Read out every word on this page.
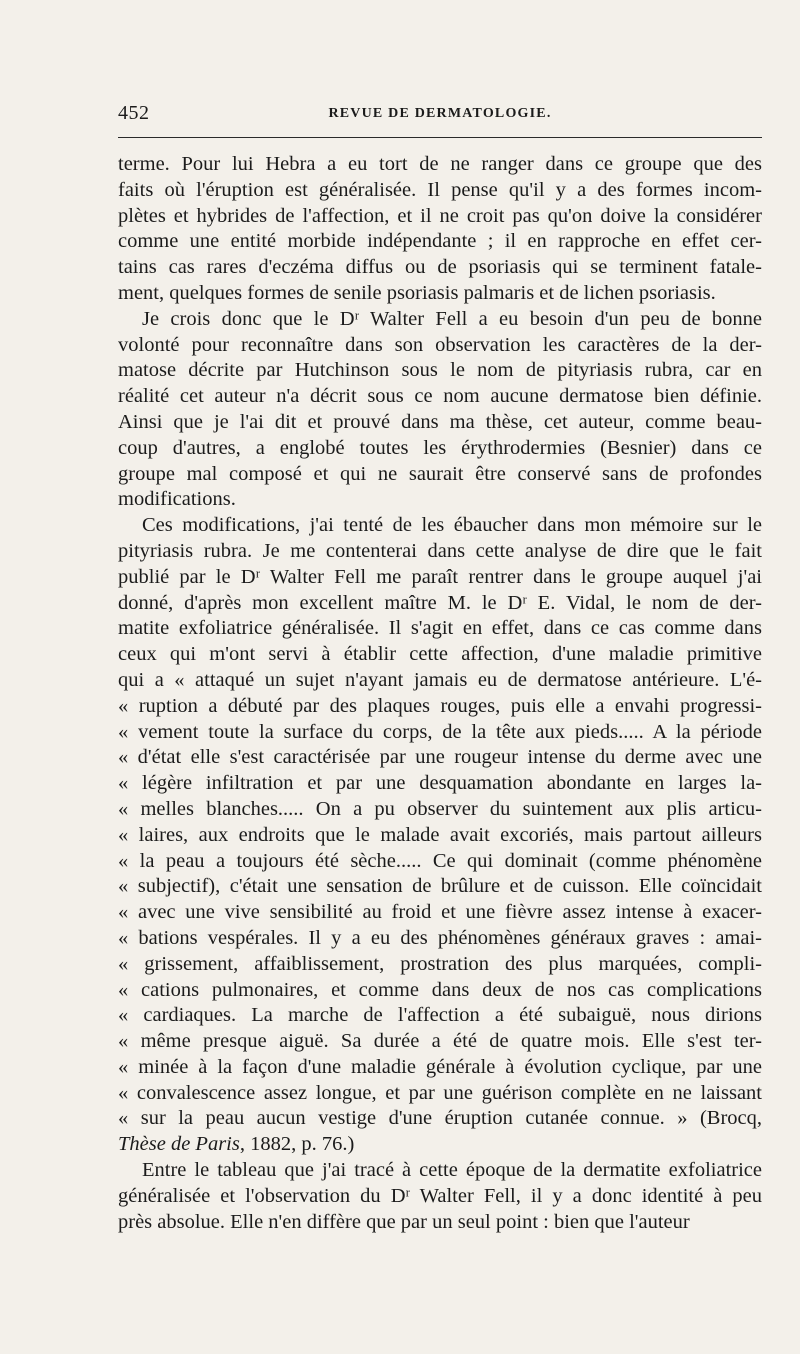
452	REVUE DE DERMATOLOGIE.
terme. Pour lui Hebra a eu tort de ne ranger dans ce groupe que des
faits où l'éruption est généralisée. Il pense qu'il y a des formes incom-
plètes et hybrides de l'affection, et il ne croit pas qu'on doive la considérer
comme une entité morbide indépendante ; il en rapproche en effet cer-
tains cas rares d'eczéma diffus ou de psoriasis qui se terminent fatale-
ment, quelques formes de senile psoriasis palmaris et de lichen psoriasis.
Je crois donc que le Dʳ Walter Fell a eu besoin d'un peu de bonne
volonté pour reconnaître dans son observation les caractères de la der-
matose décrite par Hutchinson sous le nom de pityriasis rubra, car en
réalité cet auteur n'a décrit sous ce nom aucune dermatose bien définie.
Ainsi que je l'ai dit et prouvé dans ma thèse, cet auteur, comme beau-
coup d'autres, a englobé toutes les érythrodermies (Besnier) dans ce
groupe mal composé et qui ne saurait être conservé sans de profondes
modifications.
Ces modifications, j'ai tenté de les ébaucher dans mon mémoire sur le
pityriasis rubra. Je me contenterai dans cette analyse de dire que le fait
publié par le Dʳ Walter Fell me paraît rentrer dans le groupe auquel j'ai
donné, d'après mon excellent maître M. le Dʳ E. Vidal, le nom de der-
matite exfoliatrice généralisée. Il s'agit en effet, dans ce cas comme dans
ceux qui m'ont servi à établir cette affection, d'une maladie primitive
qui a « attaqué un sujet n'ayant jamais eu de dermatose antérieure. L'é-
« ruption a débuté par des plaques rouges, puis elle a envahi progressi-
« vement toute la surface du corps, de la tête aux pieds..... A la période
« d'état elle s'est caractérisée par une rougeur intense du derme avec une
« légère infiltration et par une desquamation abondante en larges la-
« melles blanches..... On a pu observer du suintement aux plis articu-
« laires, aux endroits que le malade avait excoriés, mais partout ailleurs
« la peau a toujours été sèche..... Ce qui dominait (comme phénomène
« subjectif), c'était une sensation de brûlure et de cuisson. Elle coïncidait
« avec une vive sensibilité au froid et une fièvre assez intense à exacer-
« bations vespérales. Il y a eu des phénomènes généraux graves : amai-
« grissement, affaiblissement, prostration des plus marquées, compli-
« cations pulmonaires, et comme dans deux de nos cas complications
« cardiaques. La marche de l'affection a été subaiguë, nous dirions
« même presque aiguë. Sa durée a été de quatre mois. Elle s'est ter-
« minée à la façon d'une maladie générale à évolution cyclique, par une
« convalescence assez longue, et par une guérison complète en ne laissant
« sur la peau aucun vestige d'une éruption cutanée connue. » (Brocq,
Thèse de Paris, 1882, p. 76.)
Entre le tableau que j'ai tracé à cette époque de la dermatite exfoliatrice
généralisée et l'observation du Dʳ Walter Fell, il y a donc identité à peu
près absolue. Elle n'en diffère que par un seul point : bien que l'auteur
